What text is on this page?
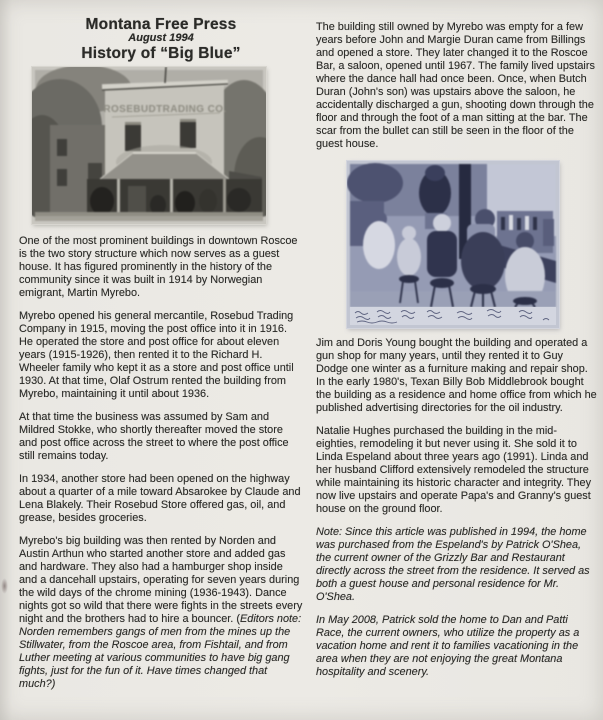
Montana Free Press
August 1994
History of “Big Blue”
ROSEBUDTRADING CO.

One of the most prominent buildings in downtown Roscoe is the two story structure which now serves as a guest house. It has figured prominently in the history of the community since it was built in 1914 by Norwegian emigrant, Martin Myrebo.

Myrebo opened his general mercantile, Rosebud Trading Company in 1915, moving the post office into it in 1916. He operated the store and post office for about eleven years (1915-1926), then rented it to the Richard H. Wheeler family who kept it as a store and post office until 1930. At that time, Olaf Ostrum rented the building from Myrebo, maintaining it until about 1936.

At that time the business was assumed by Sam and Mildred Stokke, who shortly thereafter moved the store and post office across the street to where the post office still remains today.

In 1934, another store had been opened on the highway about a quarter of a mile toward Absarokee by Claude and Lena Blakely. Their Rosebud Store offered gas, oil, and grease, besides groceries.

Myrebo's big building was then rented by Norden and Austin Arthun who started another store and added gas and hardware. They also had a hamburger shop inside and a dancehall upstairs, operating for seven years during the wild days of the chrome mining (1936-1943). Dance nights got so wild that there were fights in the streets every night and the brothers had to hire a bouncer. (Editors note: Norden remembers gangs of men from the mines up the Stillwater, from the Roscoe area, from Fishtail, and from Luther meeting at various communities to have big gang fights, just for the fun of it. Have times changed that much?)

The building still owned by Myrebo was empty for a few years before John and Margie Duran came from Billings and opened a store. They later changed it to the Roscoe Bar, a saloon, opened until 1967. The family lived upstairs where the dance hall had once been. Once, when Butch Duran (John's son) was upstairs above the saloon, he accidentally discharged a gun, shooting down through the floor and through the foot of a man sitting at the bar. The scar from the bullet can still be seen in the floor of the guest house.

Jim and Doris Young bought the building and operated a gun shop for many years, until they rented it to Guy Dodge one winter as a furniture making and repair shop. In the early 1980's, Texan Billy Bob Middlebrook bought the building as a residence and home office from which he published advertising directories for the oil industry.

Natalie Hughes purchased the building in the mid-eighties, remodeling it but never using it. She sold it to Linda Espeland about three years ago (1991). Linda and her husband Clifford extensively remodeled the structure while maintaining its historic character and integrity. They now live upstairs and operate Papa's and Granny's guest house on the ground floor.

Note: Since this article was published in 1994, the home was purchased from the Espeland's by Patrick O'Shea, the current owner of the Grizzly Bar and Restaurant directly across the street from the residence. It served as both a guest house and personal residence for Mr. O'Shea.

In May 2008, Patrick sold the home to Dan and Patti Race, the current owners, who utilize the property as a vacation home and rent it to families vacationing in the area when they are not enjoying the great Montana hospitality and scenery.
